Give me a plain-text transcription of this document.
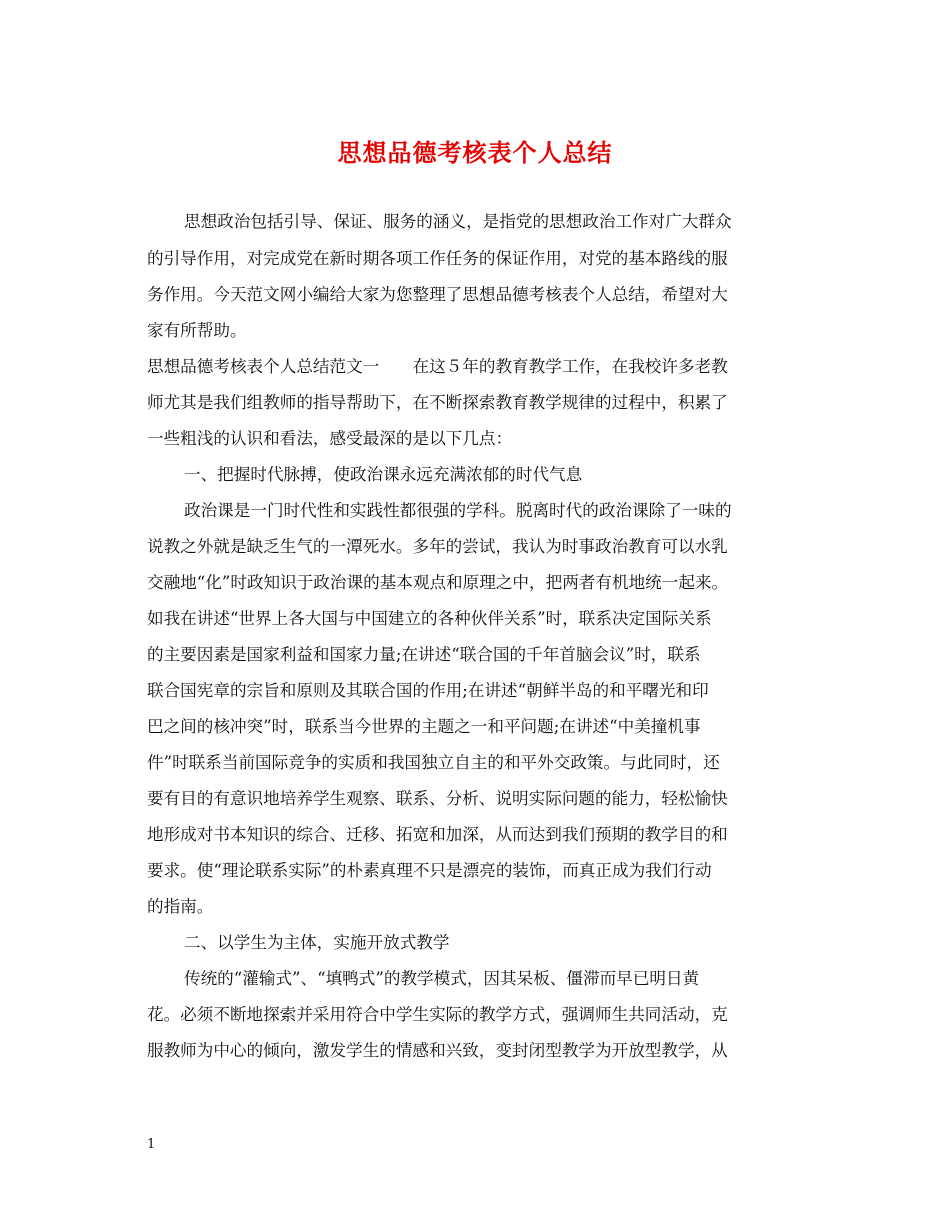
思想品德考核表个人总结
思想政治包括引导、保证、服务的涵义，是指党的思想政治工作对广大群众
的引导作用，对完成党在新时期各项工作任务的保证作用，对党的基本路线的服
务作用。今天范文网小编给大家为您整理了思想品德考核表个人总结，希望对大
家有所帮助。
思想品德考核表个人总结范文一　　在这５年的教育教学工作，在我校许多老教
师尤其是我们组教师的指导帮助下，在不断探索教育教学规律的过程中，积累了
一些粗浅的认识和看法，感受最深的是以下几点：
一、把握时代脉搏，使政治课永远充满浓郁的时代气息
政治课是一门时代性和实践性都很强的学科。脱离时代的政治课除了一味的
说教之外就是缺乏生气的一潭死水。多年的尝试，我认为时事政治教育可以水乳
交融地“化”时政知识于政治课的基本观点和原理之中，把两者有机地统一起来。
如我在讲述“世界上各大国与中国建立的各种伙伴关系”时，联系决定国际关系
的主要因素是国家利益和国家力量;在讲述“联合国的千年首脑会议”时，联系
联合国宪章的宗旨和原则及其联合国的作用;在讲述“朝鲜半岛的和平曙光和印
巴之间的核冲突”时，联系当今世界的主题之一和平问题;在讲述“中美撞机事
件”时联系当前国际竞争的实质和我国独立自主的和平外交政策。与此同时，还
要有目的有意识地培养学生观察、联系、分析、说明实际问题的能力，轻松愉快
地形成对书本知识的综合、迁移、拓宽和加深，从而达到我们预期的教学目的和
要求。使“理论联系实际”的朴素真理不只是漂亮的装饰，而真正成为我们行动
的指南。
二、以学生为主体，实施开放式教学
传统的“灌输式”、“填鸭式”的教学模式，因其呆板、僵滞而早已明日黄
花。必须不断地探索并采用符合中学生实际的教学方式，强调师生共同活动，克
服教师为中心的倾向，激发学生的情感和兴致，变封闭型教学为开放型教学，从
1
